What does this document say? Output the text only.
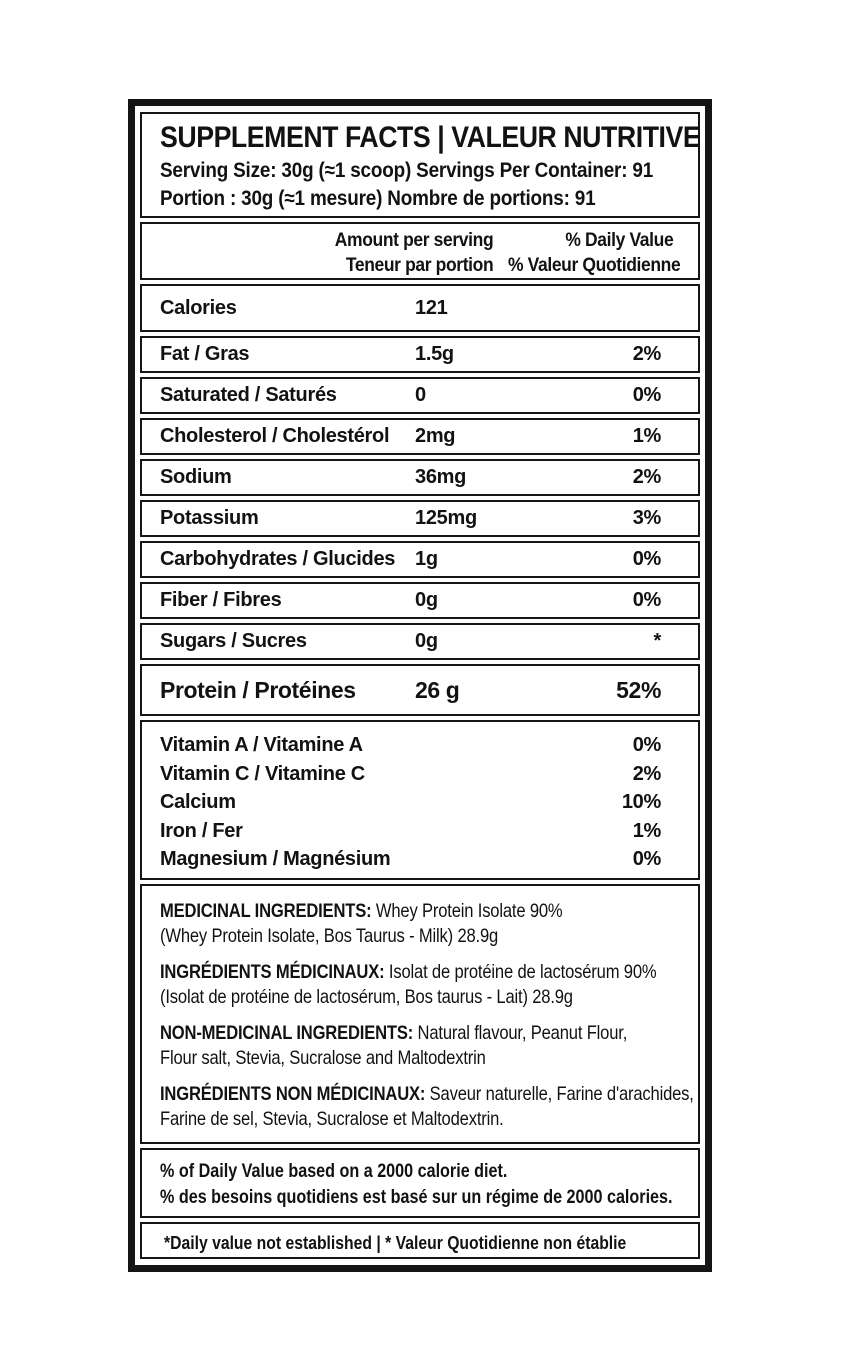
SUPPLEMENT FACTS | VALEUR NUTRITIVE
Serving Size: 30g (≈1 scoop) Servings Per Container: 91
Portion : 30g (≈1 mesure) Nombre de portions: 91
Amount per serving	% Daily Value
Teneur par portion % Valeur Quotidienne
Calories	121
Fat / Gras	1.5g	2%
Saturated / Saturés	0	0%
Cholesterol / Cholestérol	2mg	1%
Sodium	36mg	2%
Potassium	125mg	3%
Carbohydrates / Glucides 1g	0%
Fiber / Fibres	0g	0%
Sugars / Sucres	0g	*
Protein / Protéines	26 g	52%
Vitamin A / Vitamine A	0%
Vitamin C / Vitamine C	2%
Calcium	10%
Iron / Fer	1%
Magnesium / Magnésium	0%
MEDICINAL INGREDIENTS: Whey Protein Isolate 90%
(Whey Protein Isolate, Bos Taurus - Milk) 28.9g
INGRÉDIENTS MÉDICINAUX: Isolat de protéine de lactosérum 90%
(Isolat de protéine de lactosérum, Bos taurus - Lait) 28.9g
NON-MEDICINAL INGREDIENTS: Natural flavour, Peanut Flour,
Flour salt, Stevia, Sucralose and Maltodextrin
INGRÉDIENTS NON MÉDICINAUX: Saveur naturelle, Farine d'arachides,
Farine de sel, Stevia, Sucralose et Maltodextrin.
% of Daily Value based on a 2000 calorie diet.
% des besoins quotidiens est basé sur un régime de 2000 calories.
*Daily value not established | * Valeur Quotidienne non établie
